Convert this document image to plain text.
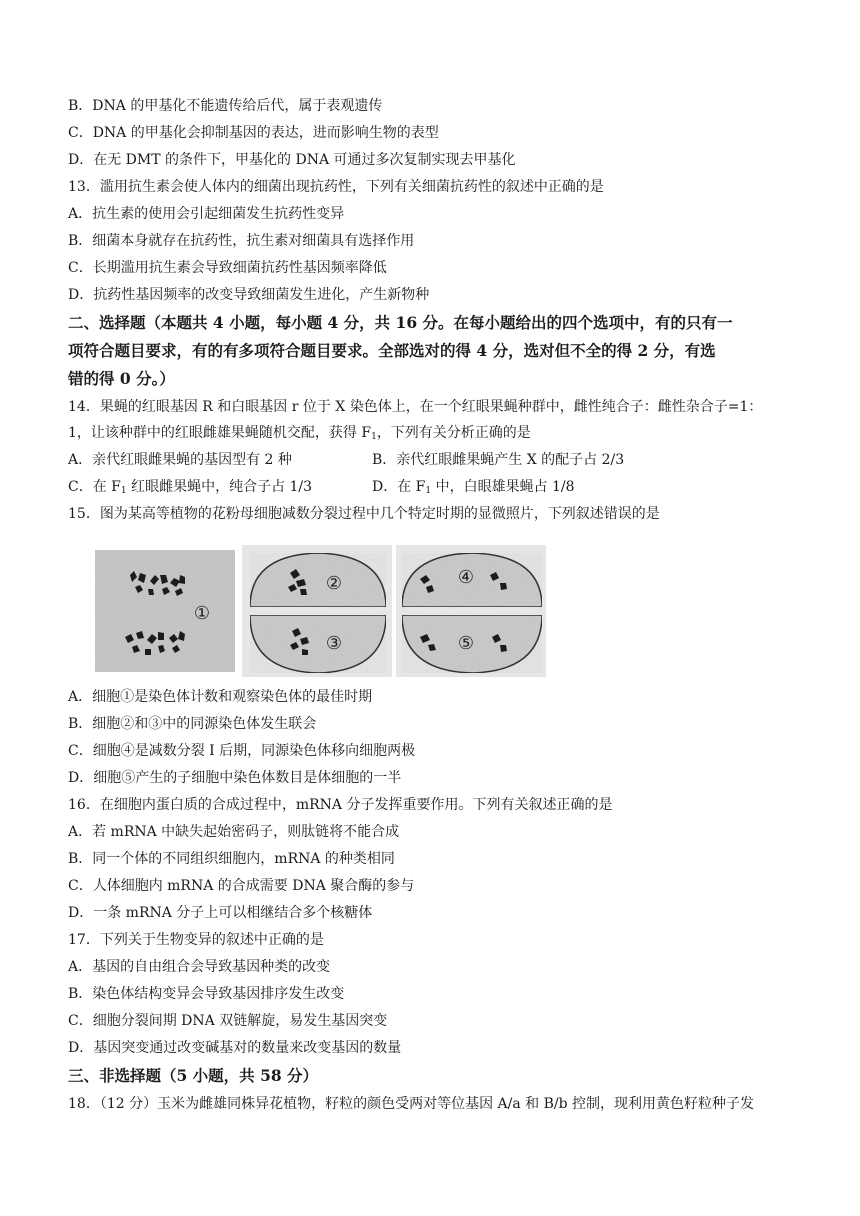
B．DNA 的甲基化不能遗传给后代，属于表观遗传
C．DNA 的甲基化会抑制基因的表达，进而影响生物的表型
D．在无 DMT 的条件下，甲基化的 DNA 可通过多次复制实现去甲基化
13．滥用抗生素会使人体内的细菌出现抗药性，下列有关细菌抗药性的叙述中正确的是
A．抗生素的使用会引起细菌发生抗药性变异
B．细菌本身就存在抗药性，抗生素对细菌具有选择作用
C．长期滥用抗生素会导致细菌抗药性基因频率降低
D．抗药性基因频率的改变导致细菌发生进化，产生新物种
二、选择题（本题共 4 小题，每小题 4 分，共 16 分。在每小题给出的四个选项中，有的只有一
项符合题目要求，有的有多项符合题目要求。全部选对的得 4 分，选对但不全的得 2 分，有选
错的得 0 分。）
14．果蝇的红眼基因 R 和白眼基因 r 位于 X 染色体上，在一个红眼果蝇种群中，雌性纯合子：雌性杂合子=1：
1，让该种群中的红眼雌雄果蝇随机交配，获得 $F_1$，下列有关分析正确的是
A．亲代红眼雌果蝇的基因型有 2 种	B．亲代红眼雌果蝇产生 X 的配子占 2/3
C．在 $F_1$ 红眼雌果蝇中，纯合子占 1/3	D．在 $F_1$ 中，白眼雄果蝇占 1/8
15．图为某高等植物的花粉母细胞减数分裂过程中几个特定时期的显微照片，下列叙述错误的是
①
②
③
④
⑤
A．细胞①是染色体计数和观察染色体的最佳时期
B．细胞②和③中的同源染色体发生联会
C．细胞④是减数分裂 I 后期，同源染色体移向细胞两极
D．细胞⑤产生的子细胞中染色体数目是体细胞的一半
16．在细胞内蛋白质的合成过程中，mRNA 分子发挥重要作用。下列有关叙述正确的是
A．若 mRNA 中缺失起始密码子，则肽链将不能合成
B．同一个体的不同组织细胞内，mRNA 的种类相同
C．人体细胞内 mRNA 的合成需要 DNA 聚合酶的参与
D．一条 mRNA 分子上可以相继结合多个核糖体
17．下列关于生物变异的叙述中正确的是
A．基因的自由组合会导致基因种类的改变
B．染色体结构变异会导致基因排序发生改变
C．细胞分裂间期 DNA 双链解旋，易发生基因突变
D．基因突变通过改变碱基对的数量来改变基因的数量
三、非选择题（5 小题，共 58 分）
18．（12 分）玉米为雌雄同株异花植物，籽粒的颜色受两对等位基因 A/a 和 B/b 控制，现利用黄色籽粒种子发
